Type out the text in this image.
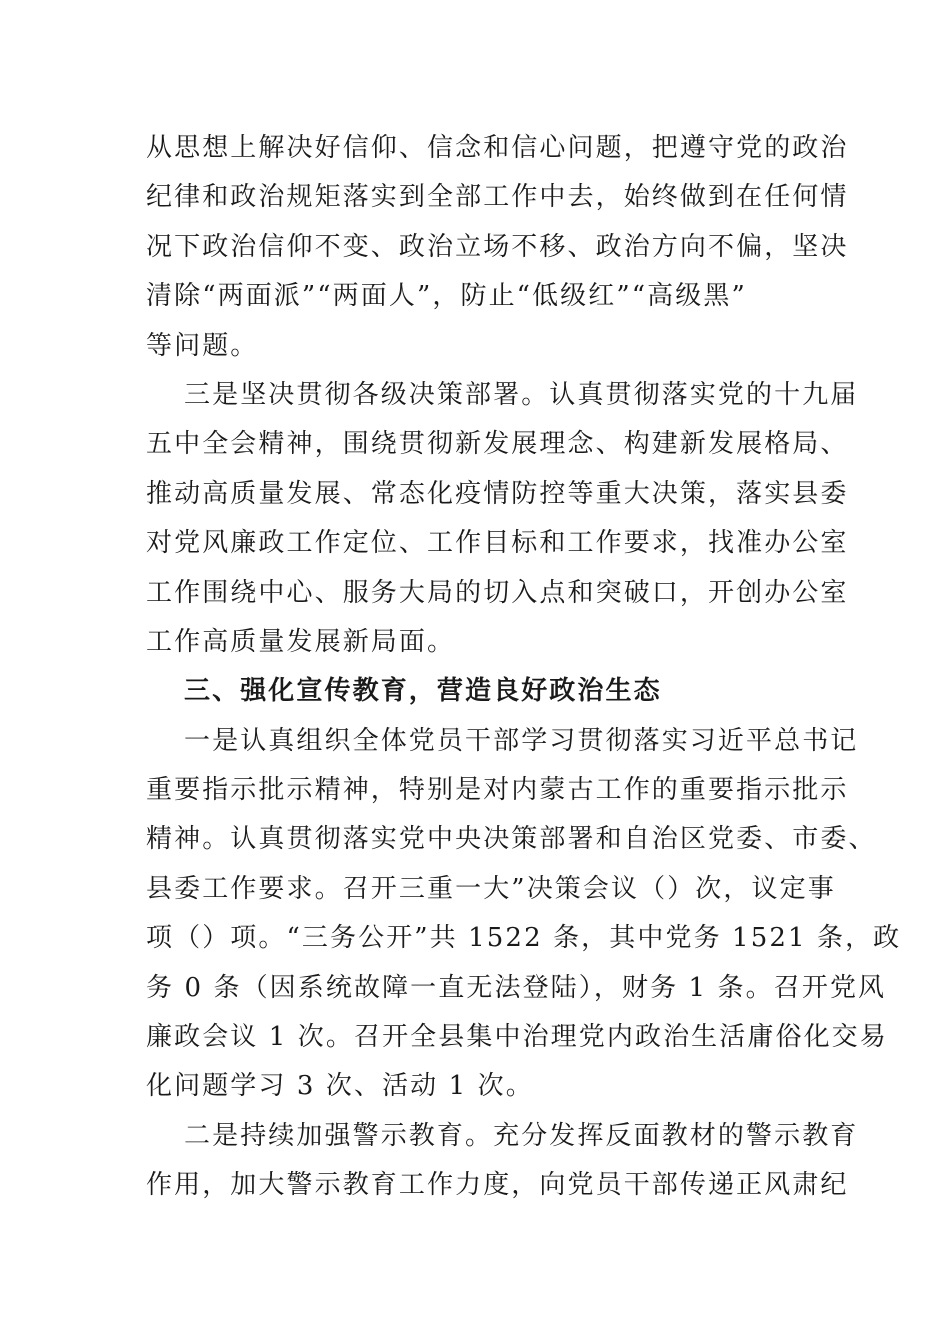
从思想上解决好信仰、信念和信心问题，把遵守党的政治
纪律和政治规矩落实到全部工作中去，始终做到在任何情
况下政治信仰不变、政治立场不移、政治方向不偏，坚决
清除“两面派”“两面人”，防止“低级红”“高级黑”
等问题。
三是坚决贯彻各级决策部署。认真贯彻落实党的十九届
五中全会精神，围绕贯彻新发展理念、构建新发展格局、
推动高质量发展、常态化疫情防控等重大决策，落实县委
对党风廉政工作定位、工作目标和工作要求，找准办公室
工作围绕中心、服务大局的切入点和突破口，开创办公室
工作高质量发展新局面。
三、强化宣传教育，营造良好政治生态
一是认真组织全体党员干部学习贯彻落实习近平总书记
重要指示批示精神，特别是对内蒙古工作的重要指示批示
精神。认真贯彻落实党中央决策部署和自治区党委、市委、
县委工作要求。召开三重一大”决策会议（）次，议定事
项（）项。“三务公开”共 1522 条，其中党务 1521 条，政
务 0 条（因系统故障一直无法登陆），财务 1 条。召开党风
廉政会议 1 次。召开全县集中治理党内政治生活庸俗化交易
化问题学习 3 次、活动 1 次。
二是持续加强警示教育。充分发挥反面教材的警示教育
作用，加大警示教育工作力度，向党员干部传递正风肃纪
